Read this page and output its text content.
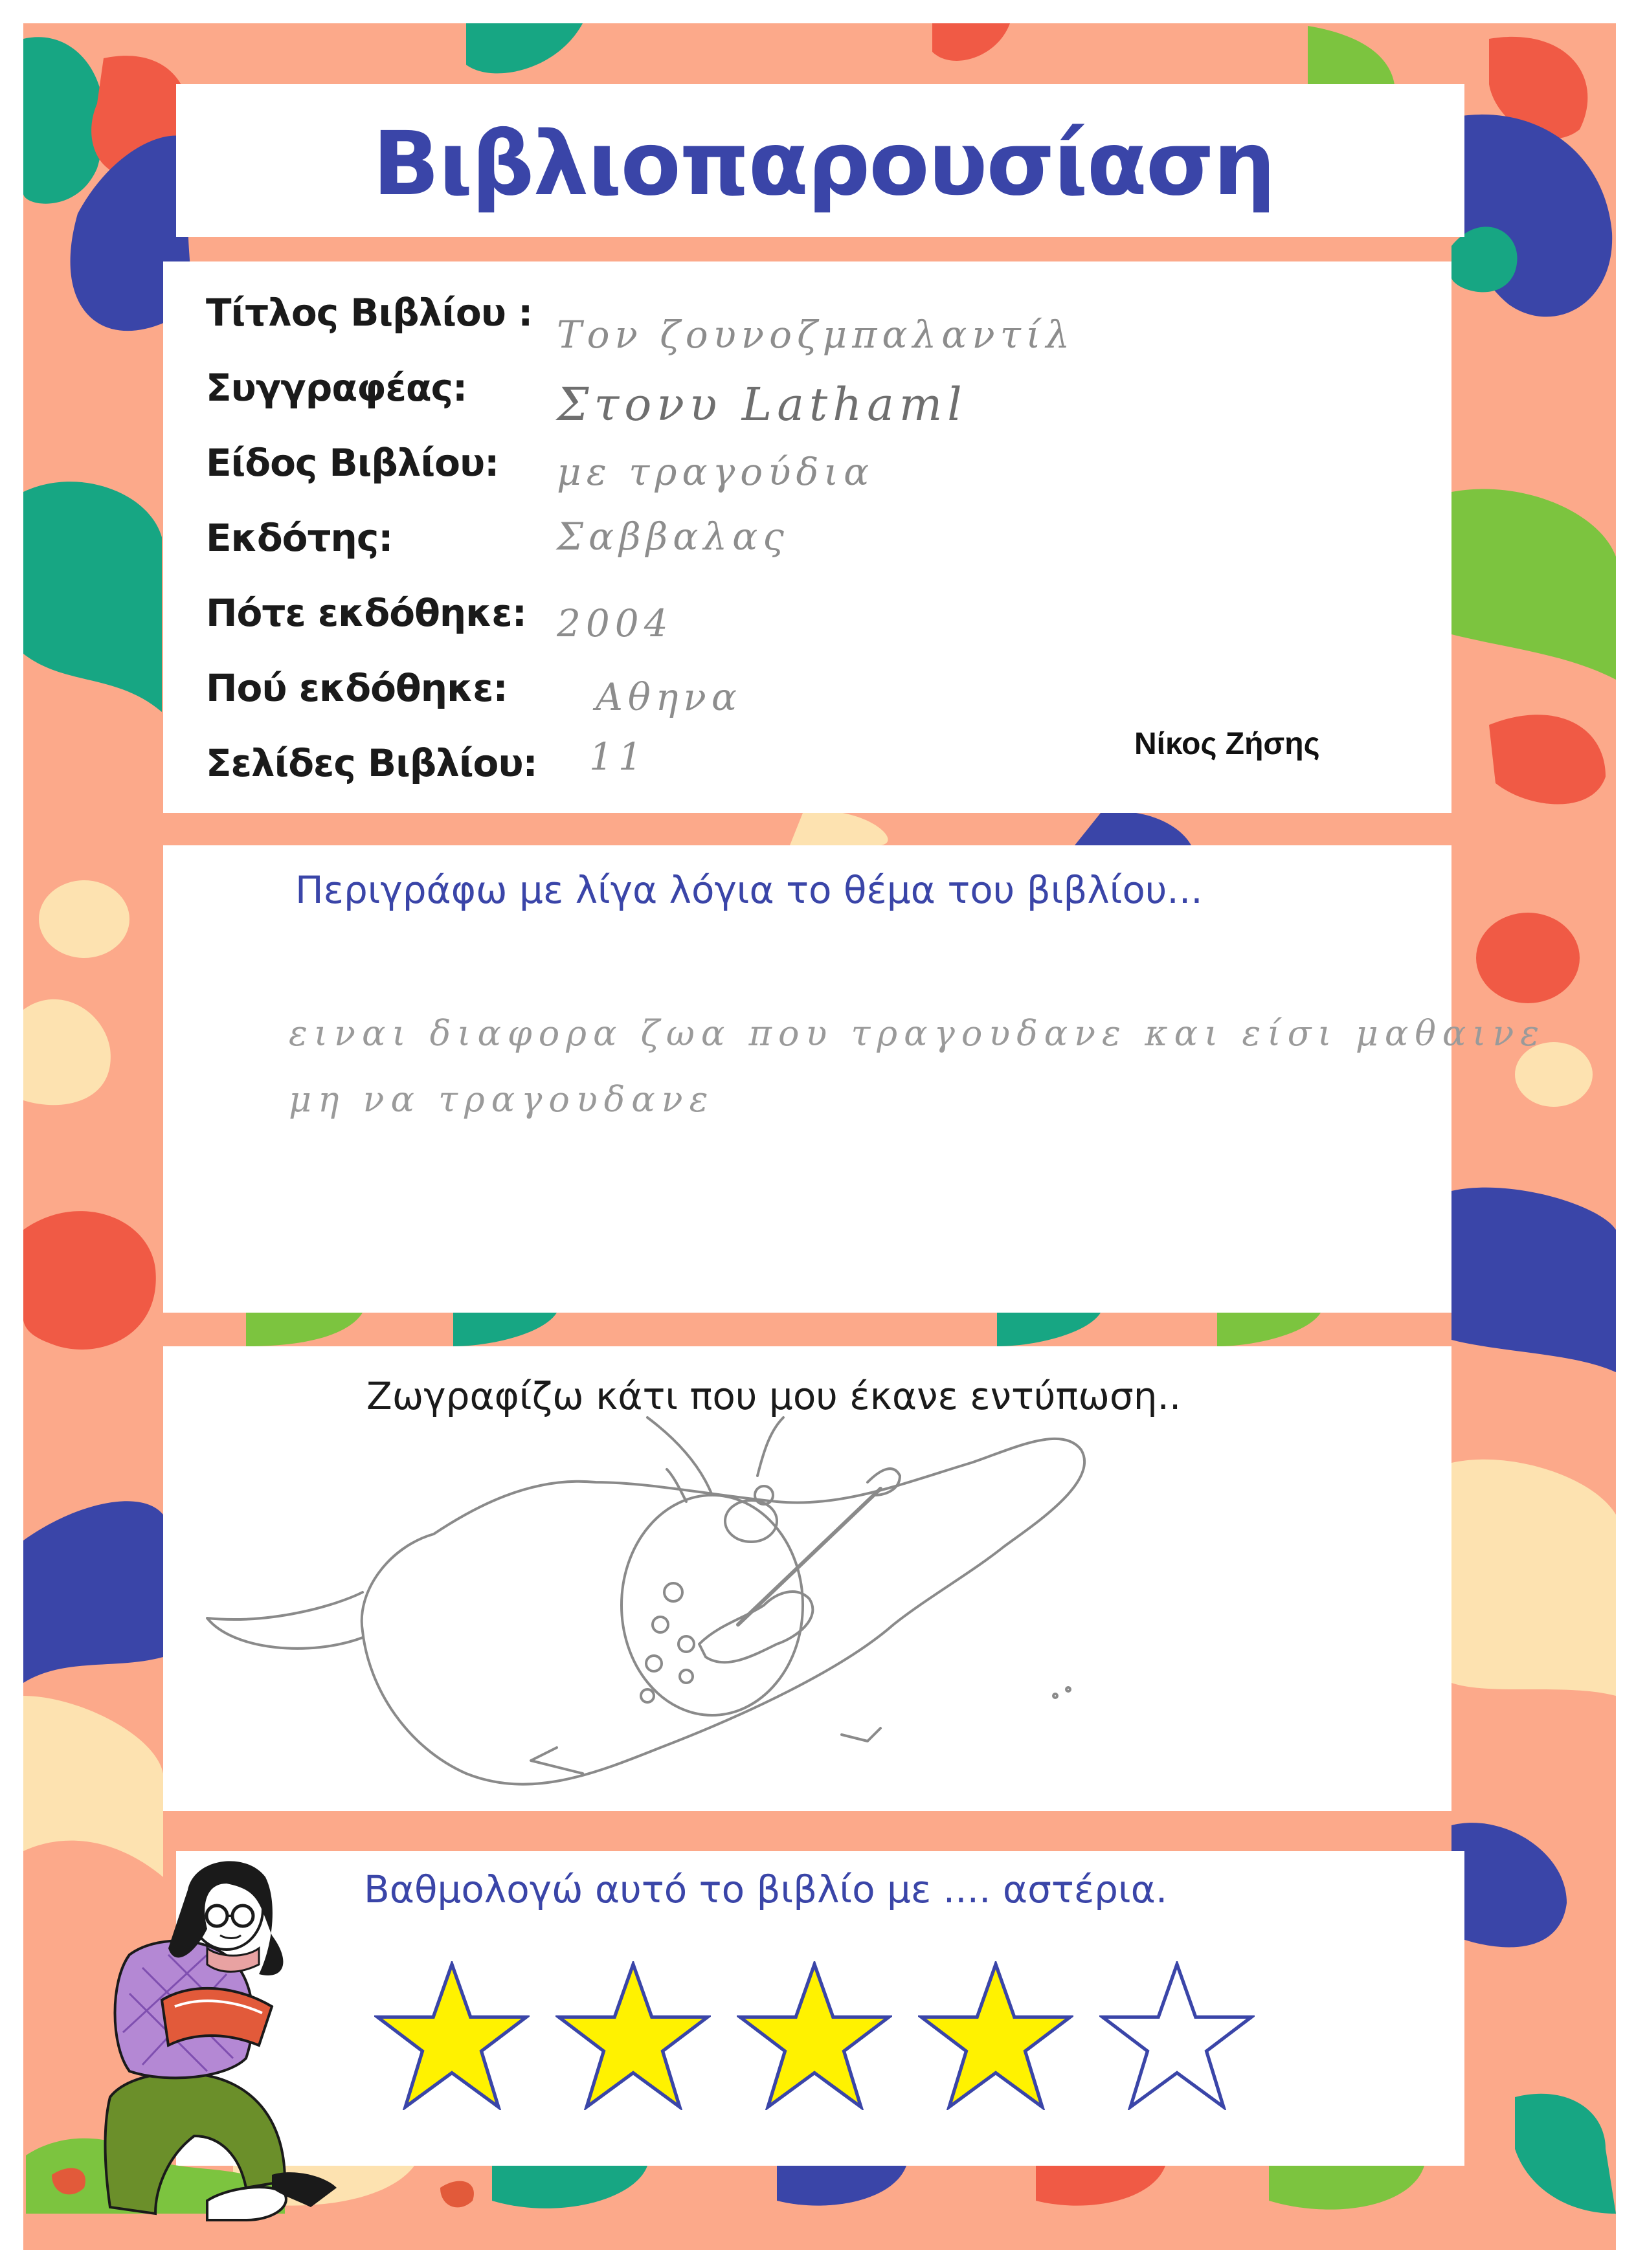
Βιβλιοπαρουσίαση
Τίτλος Βιβλίου :
Συγγραφέας:
Είδος Βιβλίου:
Εκδότης:
Πότε εκδόθηκε:
Πού εκδόθηκε:
Σελίδες Βιβλίου:
Τον ζουνοζμπαλαντίλ
Στονυ Lathaml
με τραγούδια
Σαββαλας
2004
Αθηνα
11	Νίκος Ζήσης
Περιγράφω με λίγα λόγια το θέμα του βιβλίου...
ειναι διαφορα ζωα που τραγουδανε και είσι μαθαινε
μη να τραγουδανε
Ζωγραφίζω κάτι που μου έκανε εντύπωση..
Βαθμολογώ αυτό το βιβλίο με .... αστέρια.
